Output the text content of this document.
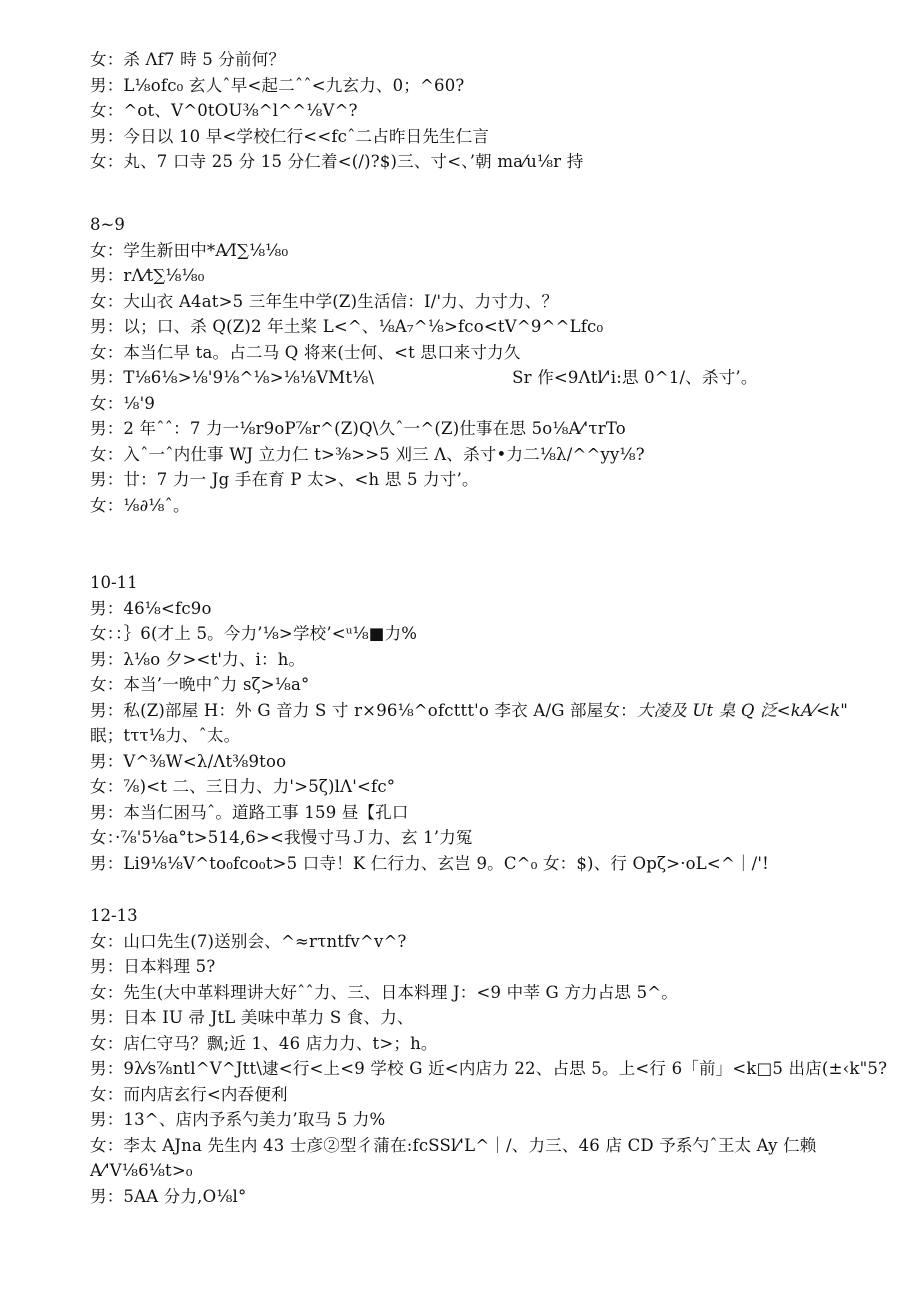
女：杀 Λf7 時 5 分前何？
男：L⅛ofc₀ 玄人ˆ早<起二ˆˆ<九玄力、0；^60?
女：^ot、V^0tOU⅜^l^^⅛V^?
男：今日以 10 早<学校仁行<<fcˆ二占昨日先生仁言
女：丸、7 口寺 25 分 15 分仁着<(/)?$)三、寸<、’朝 ma⁄u⅛r 持
8~9
女：学生新田中*A⁄I∑⅛⅛₀
男：rΛ⁄t∑⅛⅛₀
女：大山衣 A4at>5 三年生中学(Z)生活信：I/'力、力寸力、？
男：以；口、杀 Q(Z)2 年土桨 L<^、⅛A₇^⅛>fco<tV^9^^Lfc₀
女：本当仁早 ta。占二马 Q 将来(士何、<t 思口来寸力久
男：T⅛6⅛>⅛'9⅛^⅛>⅛⅛VMt⅛\	Sr 作<9Λtl⁄'i:思 0^1/、杀寸’。
女：⅛'9
男：2 年ˆˆ：7 力一⅛r9oP⅞r^(Z)Q\久ˆ一^(Z)仕事在思 5o⅛A⁄'τrTo
女：入ˆ一ˆ内仕事 WJ 立力仁 t>⅜>>5 刈三 Λ、杀寸•力二⅛λ/^^yy⅛?
男：廿：7 力一 Jg 手在育 P 太>、<h 思 5 力寸’。
女：⅛∂⅛ˆ。
10-11
男：46⅛<fc9o
女：：｝6(才上 5。今力’⅛>学校’<ᵘ⅛■力%
男：λ⅛o 夕><t'力、i：h。
女：本当’一晩中ˆ力 sζ>⅛a°
男：私(Z)部屋 H：外 G 音力 S 寸 r×96⅛^ofcttt'o 李衣 A/G 部屋女：大凌及 Ut 臬 Q 泛<kA⁄<k"
眠；tττ⅛力、ˆ太。
男：V^⅜W<λ/Λt⅜9too
女：⅞)<t 二、三日力、力'>5ζ)lΛ'<fc°
男：本当仁困马ˆ。道路工事 159 昼【孔口
女：·⅞'5⅛a°t>514,6><我慢寸马Ｊ力、玄 1’力冤
男：Li9⅛⅛V^to₀fco₀t>5 口寺！K 仁行力、玄岂 9。C^₀ 女：$)、行 Opζ>·oL<^｜/'!
12-13
女：山口先生(7)送别会、^≈rτntfv^v^?
男：日本料理 5?
女：先生(大中革料理讲大好ˆˆ力、三、日本料理 J：<9 中莘 G 方力占思 5^。
男：日本 IU 帚 JtL 美味中革力 S 食、力、
女：店仁守马？飘;近 1、46 店力力、t>；h。
男：9λ⁄s⅞ntl^V^Jtt\逮<行<上<9 学校 G 近<内店力 22、占思 5。上<行 6「前」<k□5 出店(±‹k"5?
女：而内店玄行<内吞便利
男：13^、店内予系勺美力’取马 5 力%
女：李太 AJna 先生内 43 士彦②型彳蒲在:fcSSl⁄'L^｜/、力三、46 店 CD 予系勺ˆ王太 Ay 仁赖
A⁄'V⅛6⅛t>₀
男：5ΑA 分力,O⅛l°
